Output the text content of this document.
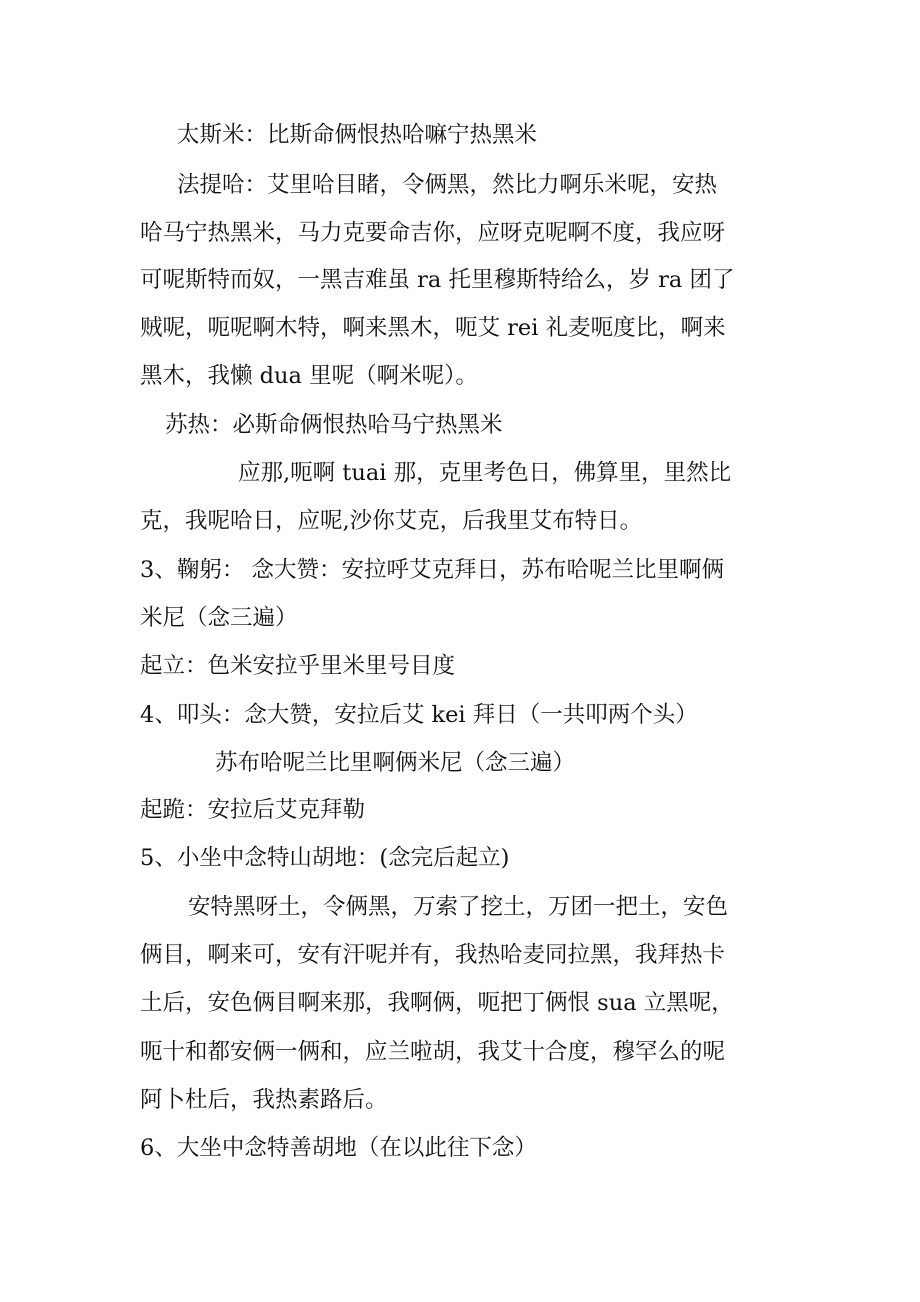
太斯米：比斯命俩恨热哈嘛宁热黑米
法提哈：艾里哈目睹，令俩黑，然比力啊乐米呢，安热
哈马宁热黑米，马力克要命吉你，应呀克呢啊不度，我应呀
可呢斯特而奴，一黑吉难虽 ra 托里穆斯特给么，岁 ra 团了
贼呢，呃呢啊木特，啊来黑木，呃艾 rei 礼麦呃度比，啊来
黑木，我懒 dua 里呢（啊米呢）。
苏热：必斯命俩恨热哈马宁热黑米
应那,呃啊 tuai 那，克里考色日，佛算里，里然比
克，我呢哈日，应呢,沙你艾克，后我里艾布特日。
3、鞠躬： 念大赞：安拉呼艾克拜日，苏布哈呢兰比里啊俩
米尼（念三遍）
起立：色米安拉乎里米里号目度
4、叩头：念大赞，安拉后艾 kei 拜日（一共叩两个头）
苏布哈呢兰比里啊俩米尼（念三遍）
起跪：安拉后艾克拜勒
5、小坐中念特山胡地：(念完后起立)
安特黑呀土，令俩黑，万索了挖土，万团一把土，安色
俩目，啊来可，安有汗呢并有，我热哈麦同拉黑，我拜热卡
土后，安色俩目啊来那，我啊俩，呃把丁俩恨 sua 立黑呢，
呃十和都安俩一俩和，应兰啦胡，我艾十合度，穆罕么的呢
阿卜杜后，我热素路后。
6、大坐中念特善胡地（在以此往下念）
